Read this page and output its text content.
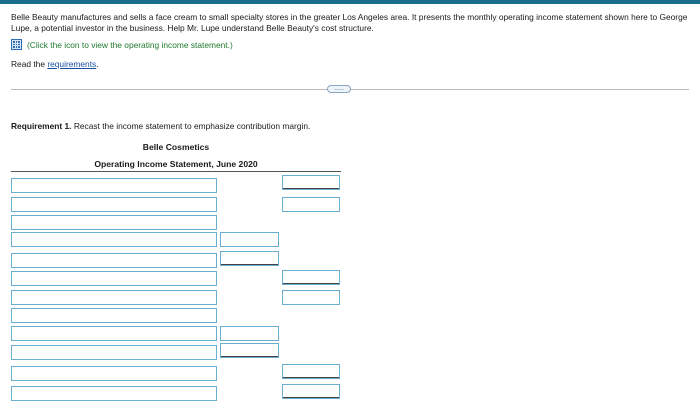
Belle Beauty manufactures and sells a face cream to small specialty stores in the greater Los Angeles area. It presents the monthly operating income statement shown here to George Lupe, a potential investor in the business. Help Mr. Lupe understand Belle Beauty's cost structure.
(Click the icon to view the operating income statement.)
Read the requirements.
.....
Requirement 1. Recast the income statement to emphasize contribution margin.
Belle Cosmetics
Operating Income Statement, June 2020
